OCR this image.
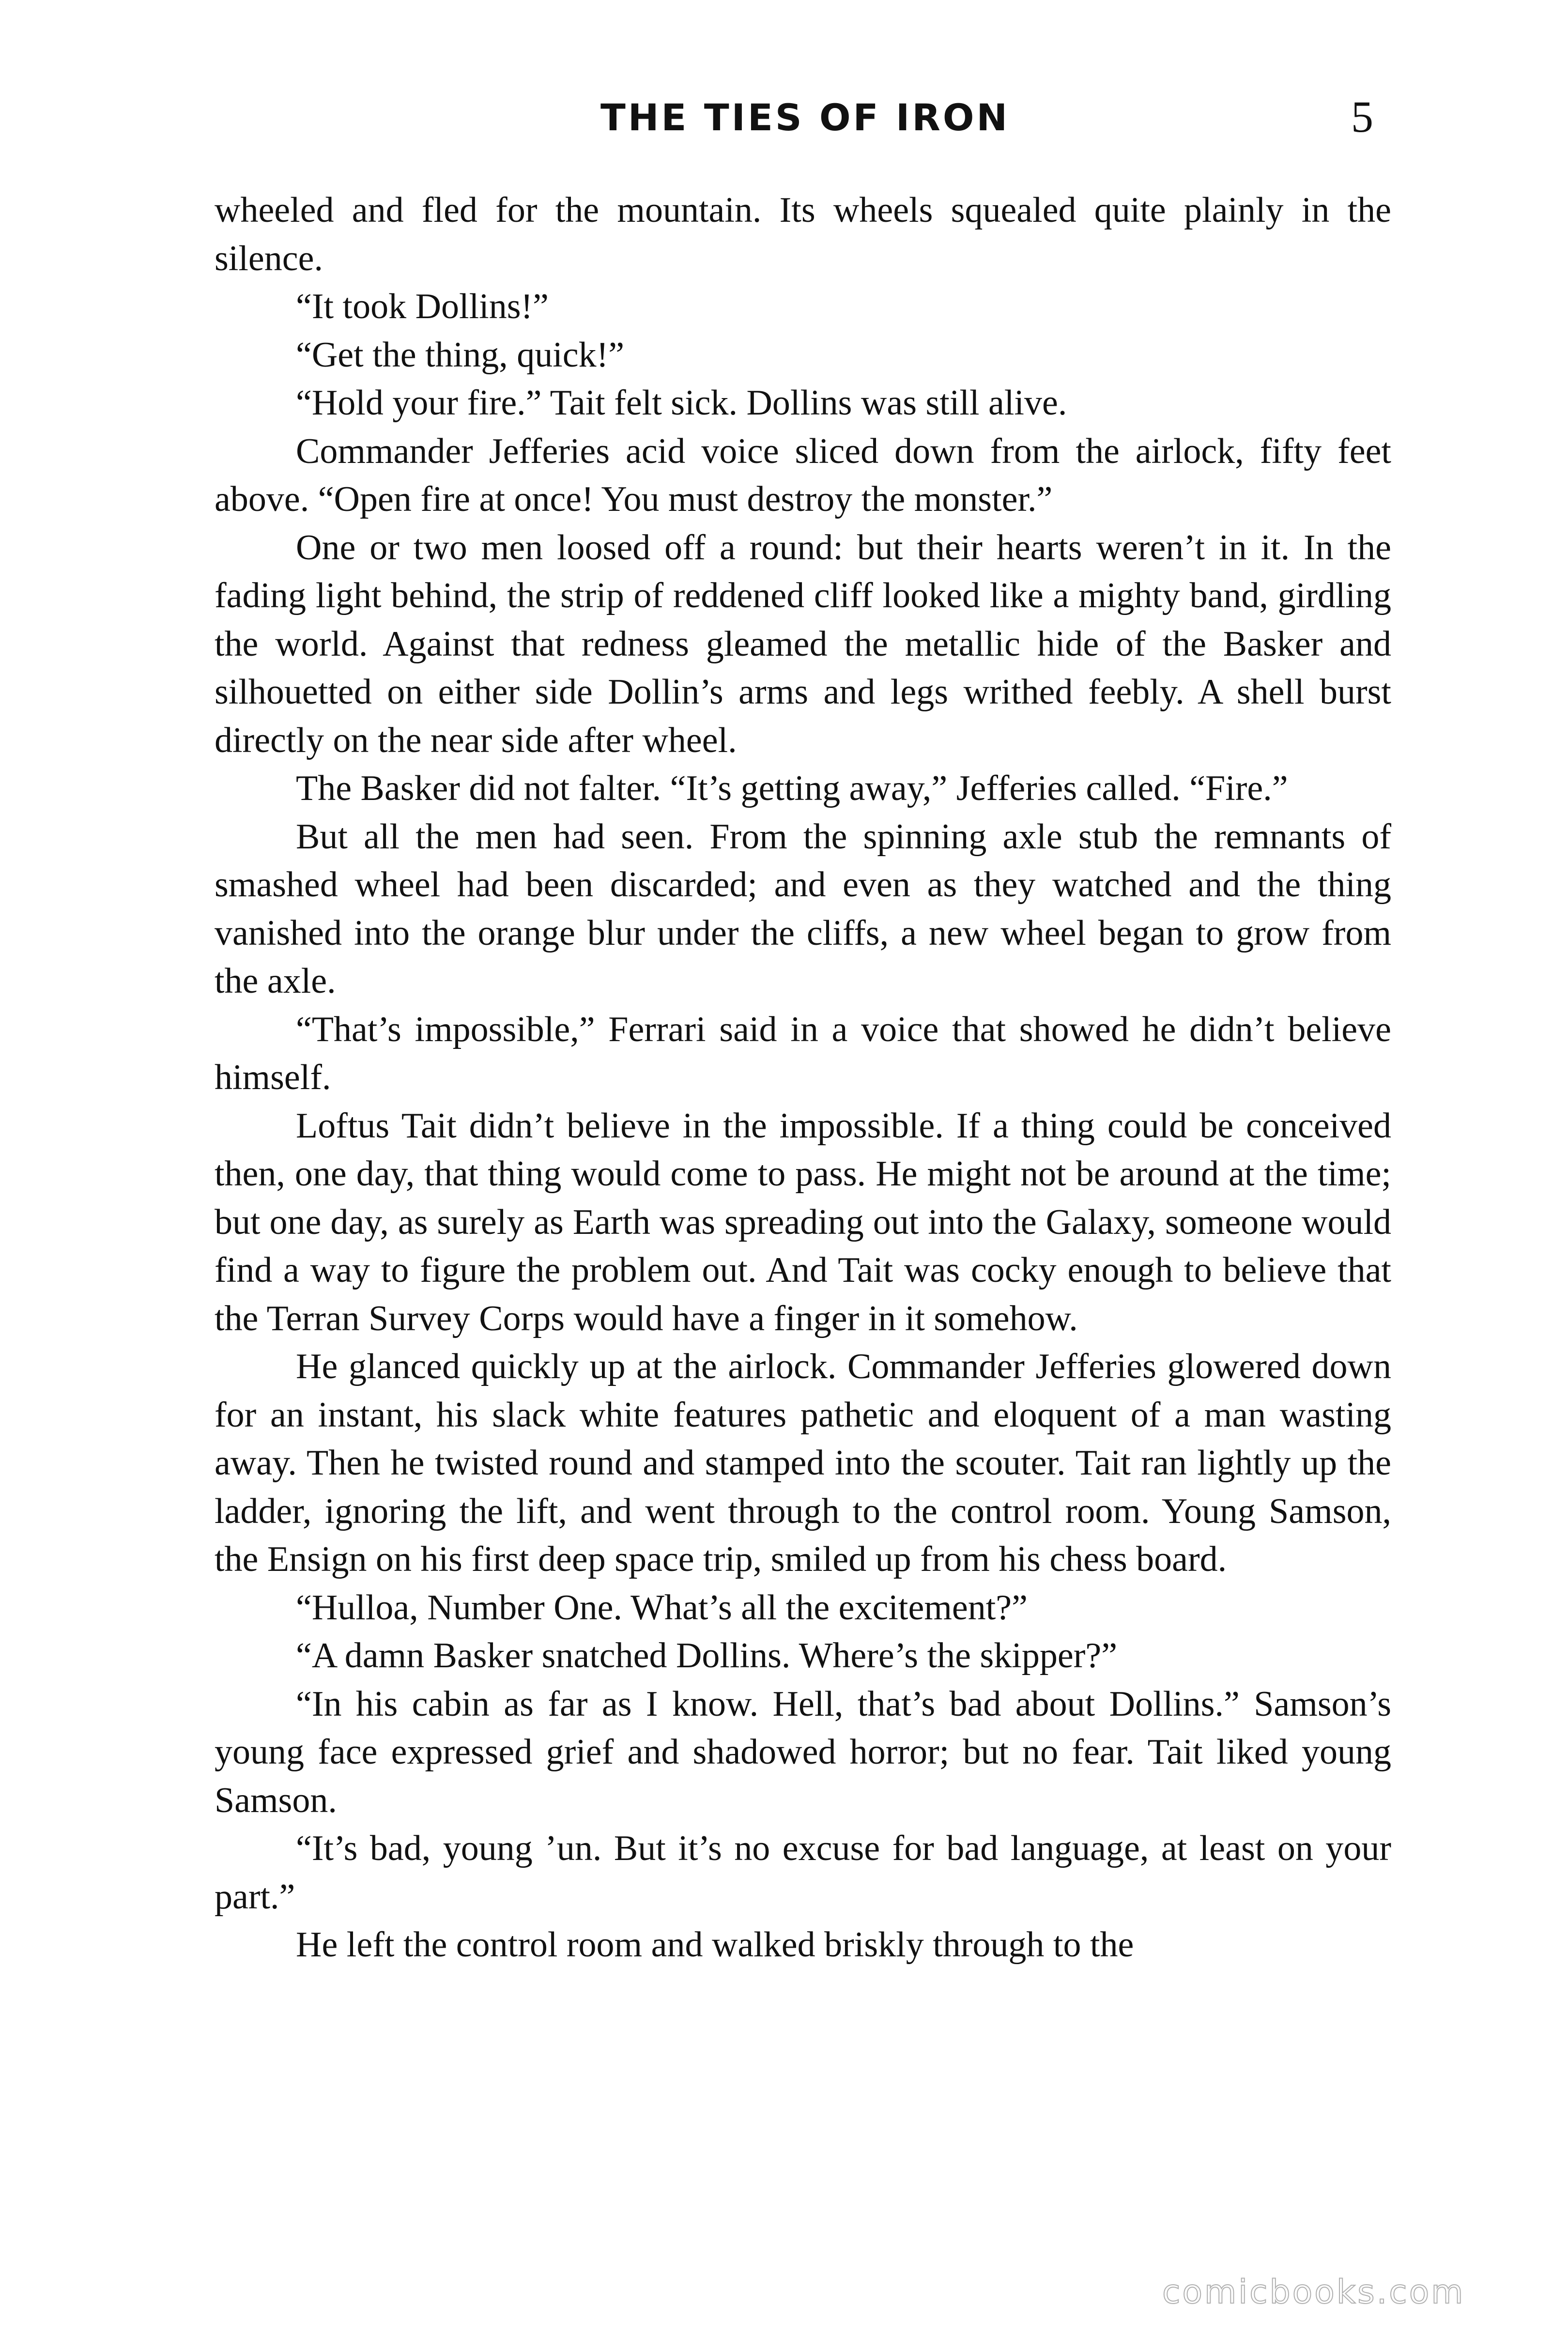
THE TIES OF IRON	5

wheeled and fled for the mountain. Its wheels squealed quite plainly in the silence.

“It took Dollins!”

“Get the thing, quick!”

“Hold your fire.” Tait felt sick. Dollins was still alive.

Commander Jefferies acid voice sliced down from the airlock, fifty feet above. “Open fire at once! You must destroy the monster.”

One or two men loosed off a round: but their hearts weren’t in it. In the fading light behind, the strip of reddened cliff looked like a mighty band, girdling the world. Against that redness gleamed the metallic hide of the Basker and silhouetted on either side Dollin’s arms and legs writhed feebly. A shell burst directly on the near side after wheel.

The Basker did not falter. “It’s getting away,” Jefferies called. “Fire.”

But all the men had seen. From the spinning axle stub the remnants of smashed wheel had been discarded; and even as they watched and the thing vanished into the orange blur under the cliffs, a new wheel began to grow from the axle.

“That’s impossible,” Ferrari said in a voice that showed he didn’t believe himself.

Loftus Tait didn’t believe in the impossible. If a thing could be conceived then, one day, that thing would come to pass. He might not be around at the time; but one day, as surely as Earth was spreading out into the Galaxy, someone would find a way to figure the problem out. And Tait was cocky enough to believe that the Terran Survey Corps would have a finger in it somehow.

He glanced quickly up at the airlock. Commander Jefferies glowered down for an instant, his slack white features pathetic and eloquent of a man wasting away. Then he twisted round and stamped into the scouter. Tait ran lightly up the ladder, ignoring the lift, and went through to the control room. Young Samson, the Ensign on his first deep space trip, smiled up from his chess board.

“Hulloa, Number One. What’s all the excitement?”

“A damn Basker snatched Dollins. Where’s the skipper?”

“In his cabin as far as I know. Hell, that’s bad about Dollins.” Samson’s young face expressed grief and shadowed horror; but no fear. Tait liked young Samson.

“It’s bad, young ’un. But it’s no excuse for bad language, at least on your part.”

He left the control room and walked briskly through to the

comicbooks.com
